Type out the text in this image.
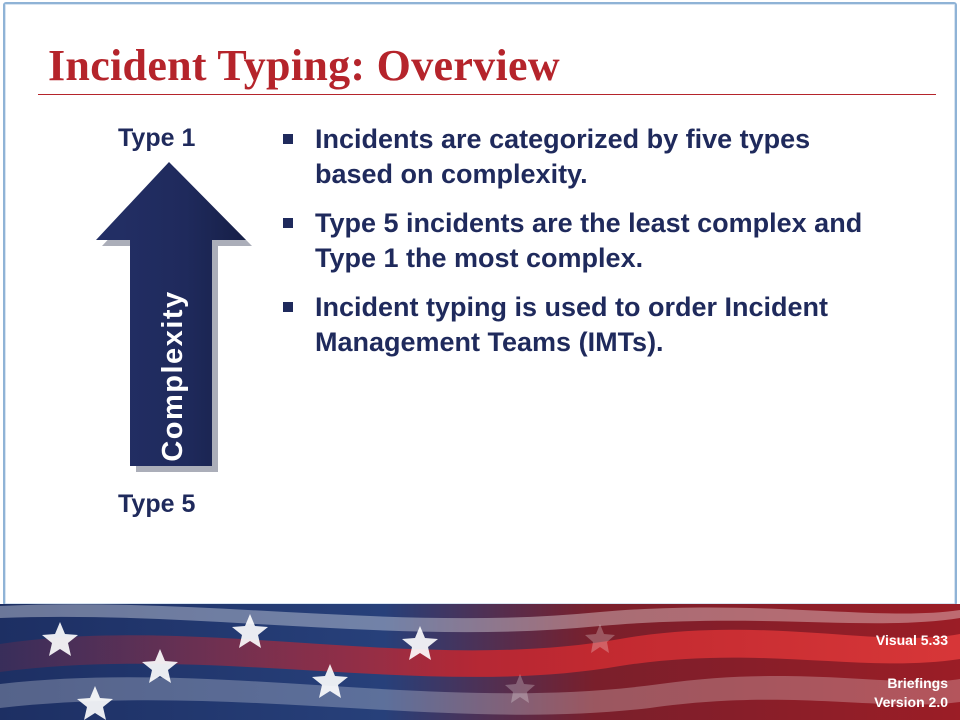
Incident Typing: Overview
Type 1
Complexity
Type 5
Incidents are categorized by five types based on complexity.
Type 5 incidents are the least complex and Type 1 the most complex.
Incident typing is used to order Incident Management Teams (IMTs).
Visual 5.33
Briefings
Version 2.0
